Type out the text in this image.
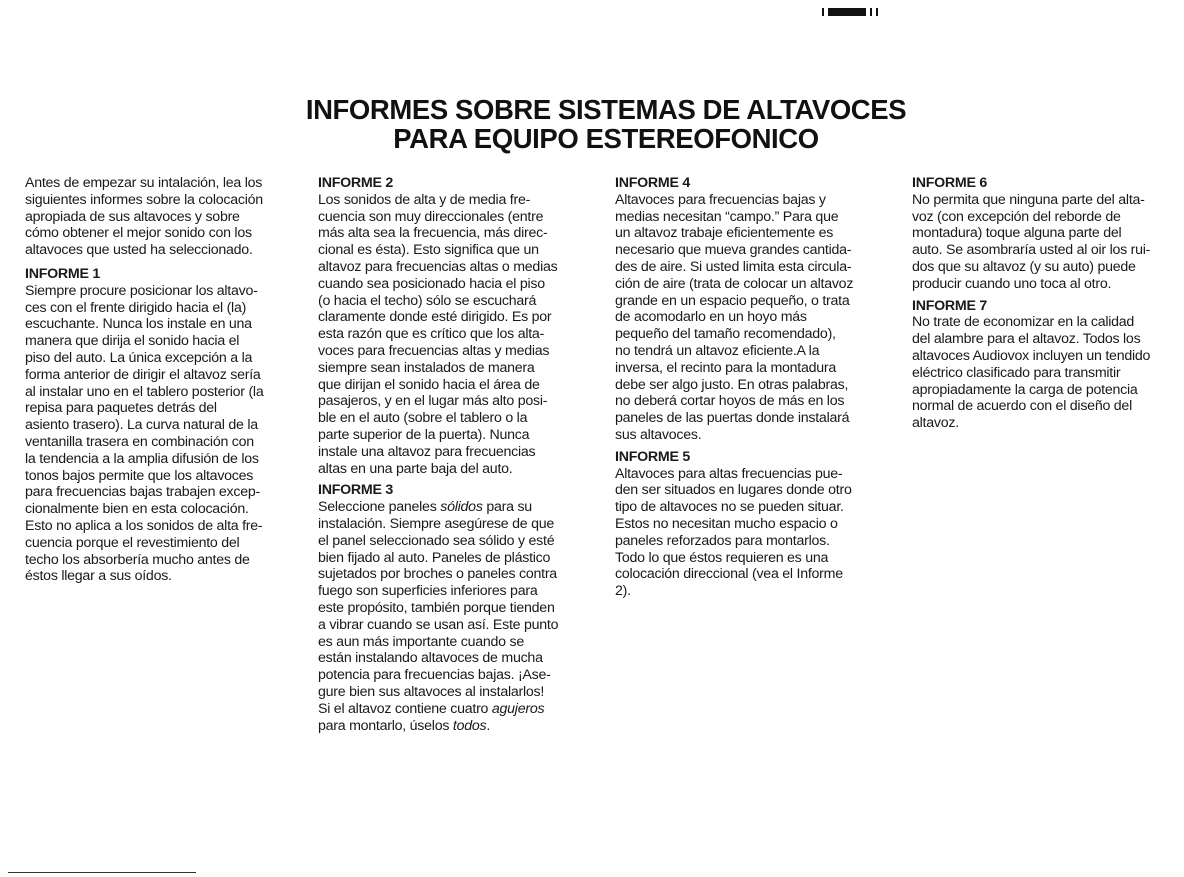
INFORMES SOBRE SISTEMAS DE ALTAVOCES
PARA EQUIPO ESTEREOFONICO

Antes de empezar su intalación, lea los
siguientes informes sobre la colocación
apropiada de sus altavoces y sobre
cómo obtener el mejor sonido con los
altavoces que usted ha seleccionado.

INFORME 1

Siempre procure posicionar los altavo-
ces con el frente dirigido hacia el (la)
escuchante. Nunca los instale en una
manera que dirija el sonido hacia el
piso del auto. La única excepción a la
forma anterior de dirigir el altavoz sería
al instalar uno en el tablero posterior (la
repisa para paquetes detrás del
asiento trasero). La curva natural de la
ventanilla trasera en combinación con
la tendencia a la amplia difusión de los
tonos bajos permite que los altavoces
para frecuencias bajas trabajen excep-
cionalmente bien en esta colocación.
Esto no aplica a los sonidos de alta fre-
cuencia porque el revestimiento del
techo los absorbería mucho antes de
éstos llegar a sus oídos.

INFORME 2

Los sonidos de alta y de media fre-
cuencia son muy direccionales (entre
más alta sea la frecuencia, más direc-
cional es ésta). Esto significa que un
altavoz para frecuencias altas o medias
cuando sea posicionado hacia el piso
(o hacia el techo) sólo se escuchará
claramente donde esté dirigido. Es por
esta razón que es crítico que los alta-
voces para frecuencias altas y medias
siempre sean instalados de manera
que dirijan el sonido hacia el área de
pasajeros, y en el lugar más alto posi-
ble en el auto (sobre el tablero o la
parte superior de la puerta). Nunca
instale una altavoz para frecuencias
altas en una parte baja del auto.

INFORME 3

Seleccione paneles sólidos para su
instalación. Siempre asegúrese de que
el panel seleccionado sea sólido y esté
bien fijado al auto. Paneles de plástico
sujetados por broches o paneles contra
fuego son superficies inferiores para
este propósito, también porque tienden
a vibrar cuando se usan así. Este punto
es aun más importante cuando se
están instalando altavoces de mucha
potencia para frecuencias bajas. ¡Ase-
gure bien sus altavoces al instalarlos!
Si el altavoz contiene cuatro agujeros
para montarlo, úselos todos.

INFORME 4

Altavoces para frecuencias bajas y
medias necesitan “campo.” Para que
un altavoz trabaje eficientemente es
necesario que mueva grandes cantida-
des de aire. Si usted limita esta circula-
ción de aire (trata de colocar un altavoz
grande en un espacio pequeño, o trata
de acomodarlo en un hoyo más
pequeño del tamaño recomendado),
no tendrá un altavoz eficiente.A la
inversa, el recinto para la montadura
debe ser algo justo. En otras palabras,
no deberá cortar hoyos de más en los
paneles de las puertas donde instalará
sus altavoces.

INFORME 5

Altavoces para altas frecuencias pue-
den ser situados en lugares donde otro
tipo de altavoces no se pueden situar.
Estos no necesitan mucho espacio o
paneles reforzados para montarlos.
Todo lo que éstos requieren es una
colocación direccional (vea el Informe
2).

INFORME 6

No permita que ninguna parte del alta-
voz (con excepción del reborde de
montadura) toque alguna parte del
auto. Se asombraría usted al oir los rui-
dos que su altavoz (y su auto) puede
producir cuando uno toca al otro.

INFORME 7

No trate de economizar en la calidad
del alambre para el altavoz. Todos los
altavoces Audiovox incluyen un tendido
eléctrico clasificado para transmitir
apropiadamente la carga de potencia
normal de acuerdo con el diseño del
altavoz.
